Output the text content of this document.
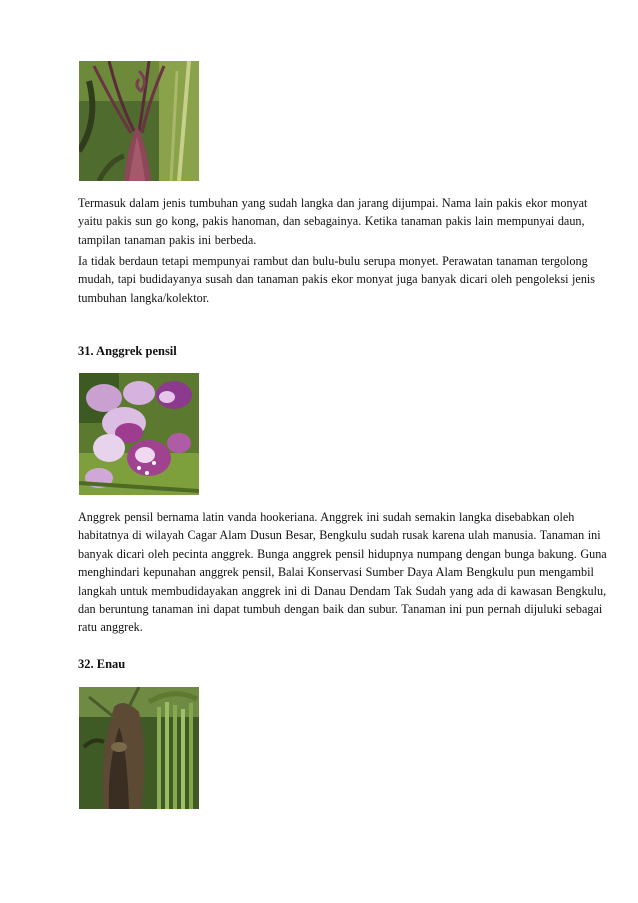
Termasuk dalam jenis tumbuhan yang sudah langka dan jarang dijumpai. Nama lain pakis ekor monyat yaitu pakis sun go kong, pakis hanoman, dan sebagainya. Ketika tanaman pakis lain mempunyai daun, tampilan tanaman pakis ini berbeda.

Ia tidak berdaun tetapi mempunyai rambut dan bulu-bulu serupa monyet. Perawatan tanaman tergolong mudah, tapi budidayanya susah dan tanaman pakis ekor monyat juga banyak dicari oleh pengoleksi jenis tumbuhan langka/kolektor.

31. Anggrek pensil

Anggrek pensil bernama latin vanda hookeriana. Anggrek ini sudah semakin langka disebabkan oleh habitatnya di wilayah Cagar Alam Dusun Besar, Bengkulu sudah rusak karena ulah manusia. Tanaman ini banyak dicari oleh pecinta anggrek. Bunga anggrek pensil hidupnya numpang dengan bunga bakung. Guna menghindari kepunahan anggrek pensil, Balai Konservasi Sumber Daya Alam Bengkulu pun mengambil langkah untuk membudidayakan anggrek ini di Danau Dendam Tak Sudah yang ada di kawasan Bengkulu, dan beruntung tanaman ini dapat tumbuh dengan baik dan subur. Tanaman ini pun pernah dijuluki sebagai ratu anggrek.

32. Enau
